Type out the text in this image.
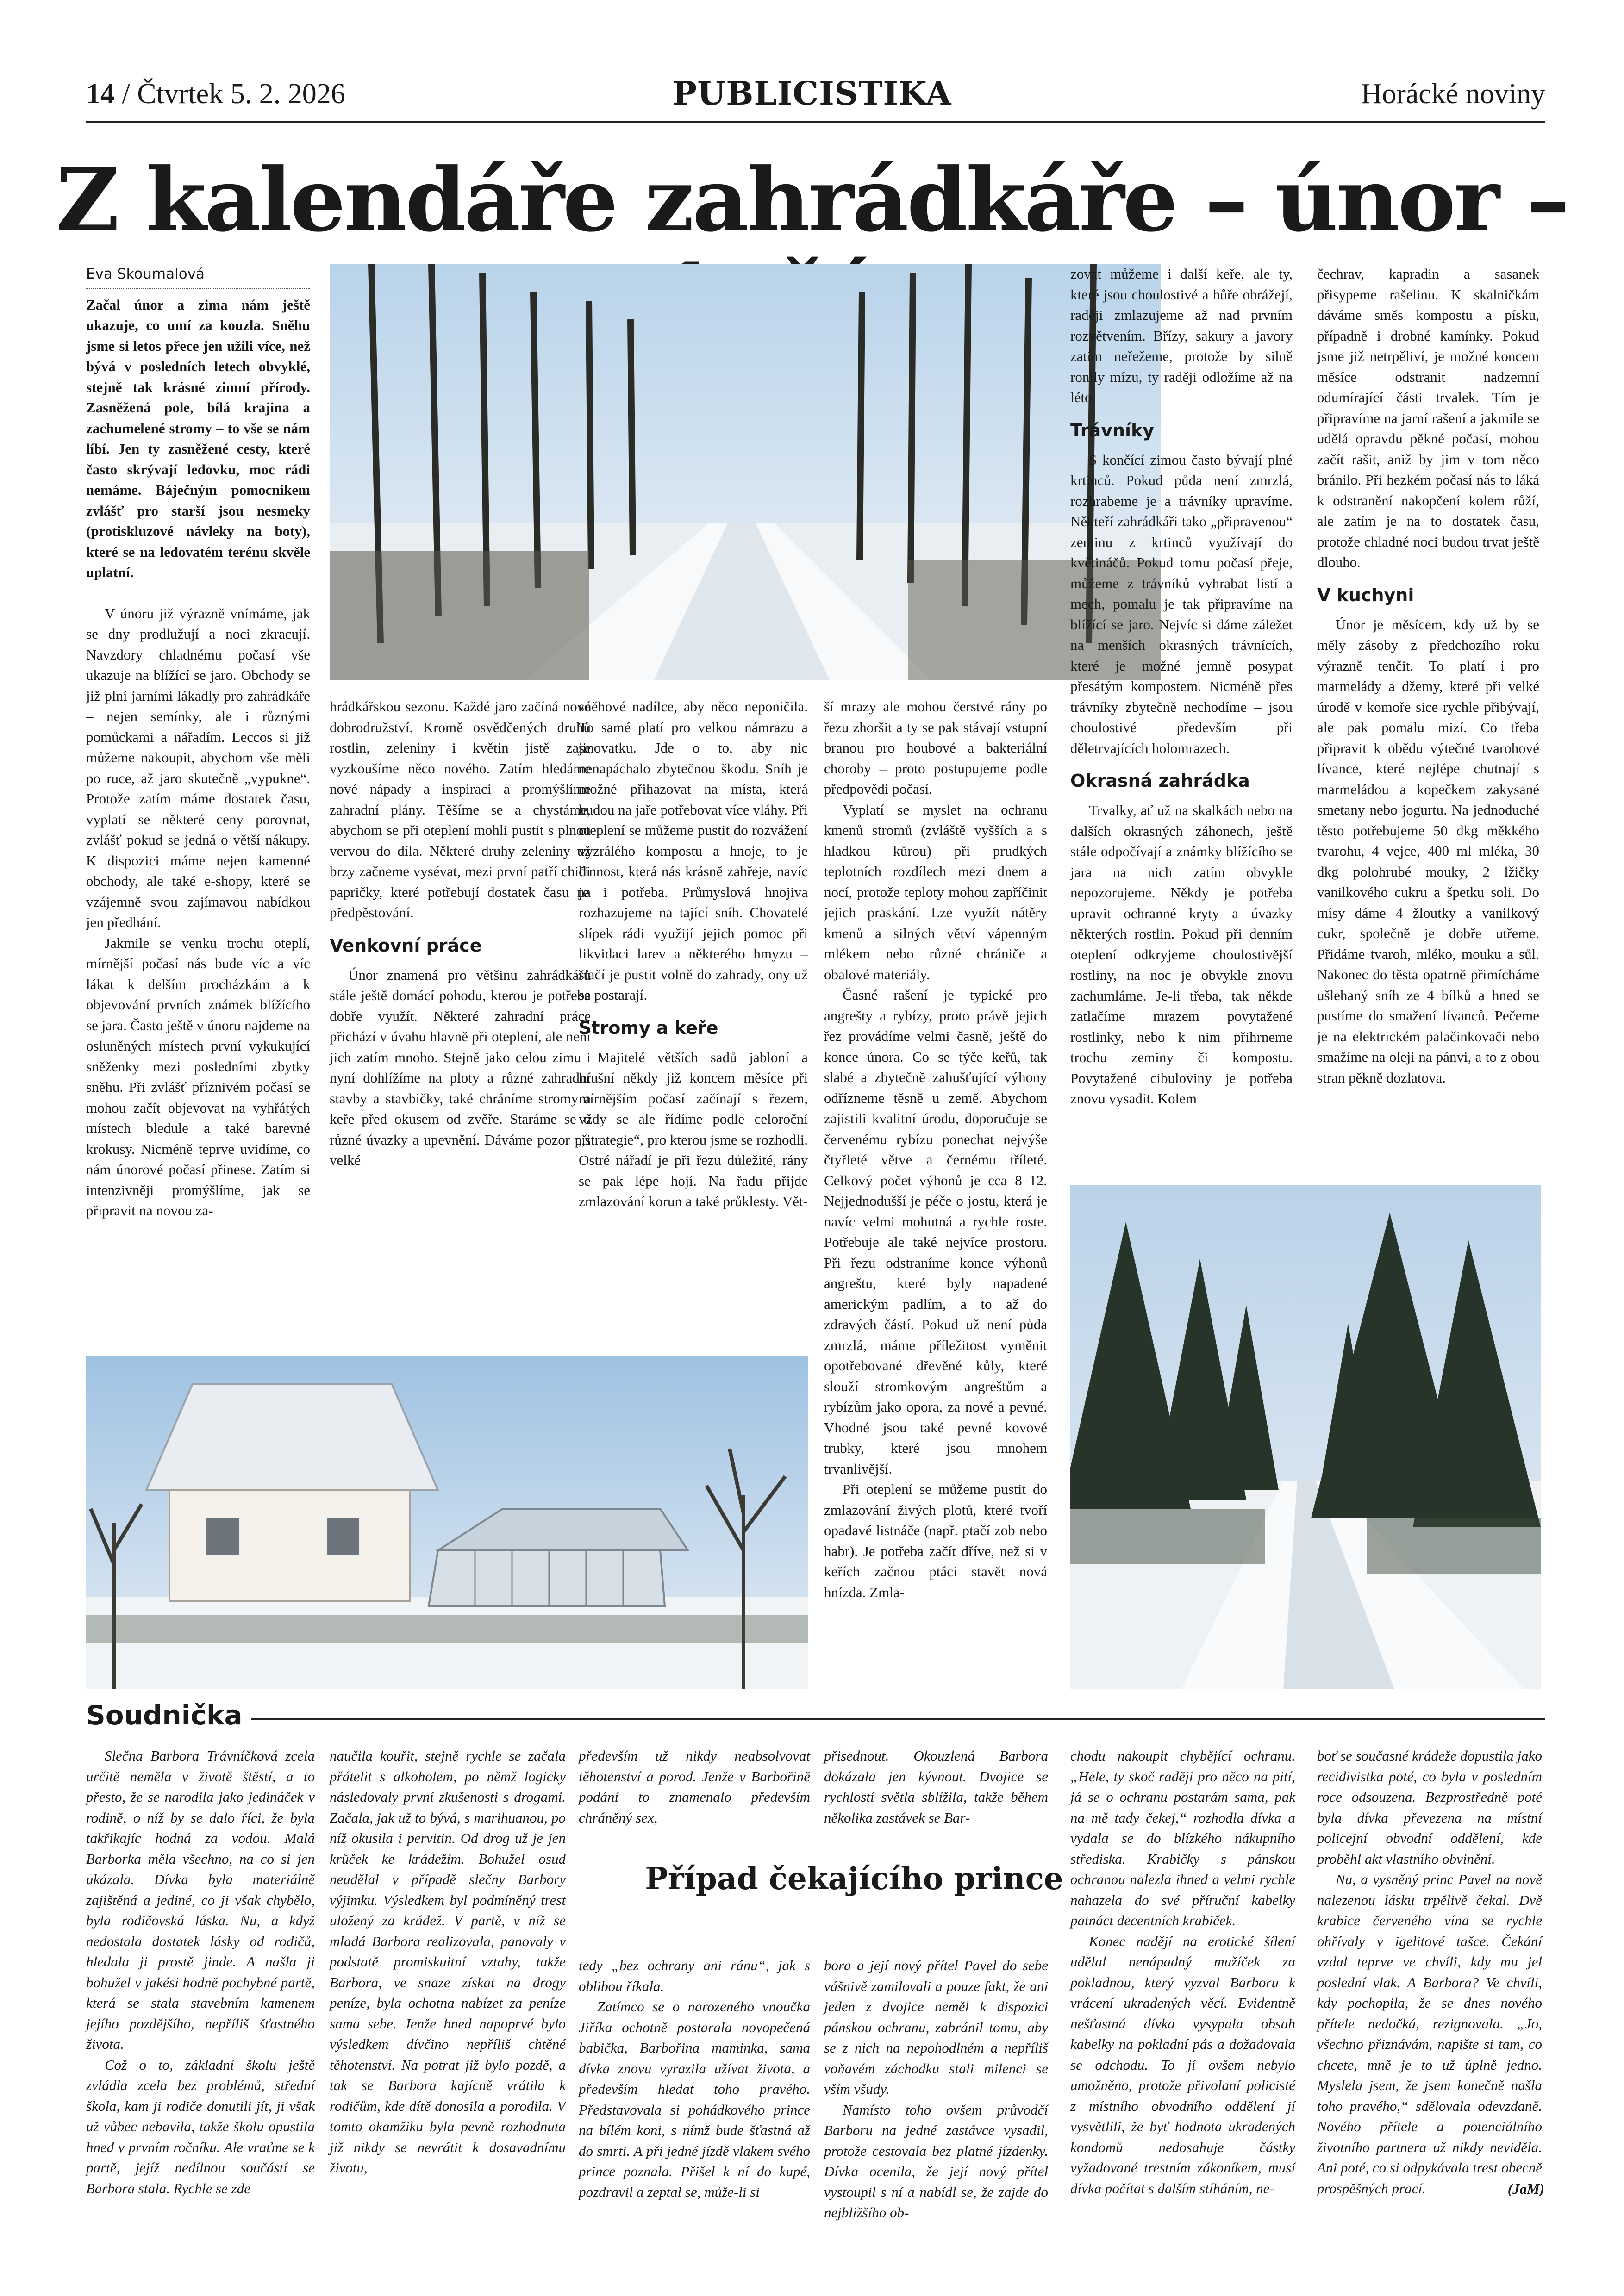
14 / Čtvrtek 5. 2. 2026	PUBLICISTIKA	Horácké noviny
Z kalendáře zahrádkáře – únor –
Eva Skoumalová

Začal únor a zima nám ještě ukazuje, co umí za kouzla. Sněhu jsme si letos přece jen užili více, než bývá v posledních letech obvyklé, stejně tak krásné zimní přírody. Zasněžená pole, bílá krajina a zachumelené stromy – to vše se nám líbí. Jen ty zasněžené cesty, které často skrývají ledovku, moc rádi nemáme. Báječným pomocníkem zvlášť pro starší jsou nesmeky (protiskluzové návleky na boty), které se na ledovatém terénu skvěle uplatní.

V únoru již výrazně vnímáme, jak se dny prodlužují a noci zkracují. Navzdory chladnému počasí vše ukazuje na blížící se jaro. Obchody se již plní jarními lákadly pro zahrádkáře – nejen semínky, ale i různými pomůckami a nářadím. Leccos si již můžeme nakoupit, abychom vše měli po ruce, až jaro skutečně „vypukne“. Protože zatím máme dostatek času, vyplatí se některé ceny porovnat, zvlášť pokud se jedná o větší nákupy. K dispozici máme nejen kamenné obchody, ale také e-shopy, které se vzájemně svou zajímavou nabídkou jen předhání.

Jakmile se venku trochu oteplí, mírnější počasí nás bude víc a víc lákat k delším procházkám a k objevování prvních známek blížícího se jara. Často ještě v únoru najdeme na osluněných místech první vykukující sněženky mezi posledními zbytky sněhu. Při zvlášť příznivém počasí se mohou začít objevovat na vyhřátých místech bledule a také barevné krokusy. Nicméně teprve uvidíme, co nám únorové počasí přinese. Zatím si intenzivněji promýšlíme, jak se připravit na novou za-

hrádkářskou sezonu. Každé jaro začíná nové dobrodružství. Kromě osvědčených druhů rostlin, zeleniny i květin jistě zase vyzkoušíme něco nového. Zatím hledáme nové nápady a inspiraci a promýšlíme zahradní plány. Těšíme se a chystáme, abychom se při oteplení mohli pustit s plnou vervou do díla. Některé druhy zeleniny už brzy začneme vysévat, mezi první patří chilli papričky, které potřebují dostatek času na předpěstování.

Venkovní práce

Únor znamená pro většinu zahrádkářů stále ještě domácí pohodu, kterou je potřeba dobře využít. Některé zahradní práce přichází v úvahu hlavně při oteplení, ale není jich zatím mnoho. Stejně jako celou zimu i nyní dohlížíme na ploty a různé zahradní stavby a stavbičky, také chráníme stromy a keře před okusem od zvěře. Staráme se o různé úvazky a upevnění. Dáváme pozor při velké

sněhové nadílce, aby něco neponičila. To samé platí pro velkou námrazu a jinovatku. Jde o to, aby nic nenapáchalo zbytečnou škodu. Sníh je možné přihazovat na místa, která budou na jaře potřebovat více vláhy. Při oteplení se můžeme pustit do rozvážení vyzrálého kompostu a hnoje, to je činnost, která nás krásně zahřeje, navíc je i potřeba. Průmyslová hnojiva rozhazujeme na tající sníh. Chovatelé slípek rádi využijí jejich pomoc při likvidaci larev a některého hmyzu – stačí je pustit volně do zahrady, ony už se postarají.

Stromy a keře

Majitelé větších sadů jabloní a hrušní někdy již koncem měsíce při mírnějším počasí začínají s řezem, vždy se ale řídíme podle celoroční „strategie“, pro kterou jsme se rozhodli. Ostré nářadí je při řezu důležité, rány se pak lépe hojí. Na řadu přijde zmlazování korun a také průklesty. Vět-

ší mrazy ale mohou čerstvé rány po řezu zhoršit a ty se pak stávají vstupní branou pro houbové a bakteriální choroby – proto postupujeme podle předpovědi počasí.

Vyplatí se myslet na ochranu kmenů stromů (zvláště vyšších a s hladkou kůrou) při prudkých teplotních rozdílech mezi dnem a nocí, protože teploty mohou zapříčinit jejich praskání. Lze využít nátěry kmenů a silných větví vápenným mlékem nebo různé chráničе a obalové materiály.

Časné rašení je typické pro angrešty a rybízy, proto právě jejich řez provádíme velmi časně, ještě do konce února. Co se týče keřů, tak slabé a zbytečně zahušťující výhony odřízneme těsně u země. Abychom zajistili kvalitní úrodu, doporučuje se červenému rybízu ponechat nejvýše čtyřleté větve a černému tříleté. Celkový počet výhonů je cca 8–12. Nejjednodušší je péče o jostu, která je navíc velmi mohutná a rychle roste. Potřebuje ale také nejvíce prostoru. Při řezu odstraníme konce výhonů angreštu, které byly napadené americkým padlím, a to až do zdravých částí. Pokud už není půda zmrzlá, máme příležitost vyměnit opotřebované dřevěné kůly, které slouží stromkovým angreštům a rybízům jako opora, za nové a pevné. Vhodné jsou také pevné kovové trubky, které jsou mnohem trvanlivější.

Při oteplení se můžeme pustit do zmlazování živých plotů, které tvoří opadavé listnáče (např. ptačí zob nebo habr). Je potřeba začít dříve, než si v keřích začnou ptáci stavět nová hnízda. Zmla-

zovat můžeme i další keře, ale ty, které jsou choulostivé a hůře obrážejí, raději zmlazujeme až nad prvním rozvětvením. Břízy, sakury a javory zatím neřežeme, protože by silně ronily mízu, ty raději odložíme až na léto.

Trávníky

S končící zimou často bývají plné krtinců. Pokud půda není zmrzlá, rozhrabeme je a trávníky upravíme. Někteří zahrádkáři tako „připravenou“ zeminu z krtinců využívají do květináčů. Pokud tomu počasí přeje, můžeme z trávníků vyhrabat listí a mech, pomalu je tak připravíme na blížící se jaro. Nejvíc si dáme záležet na menších okrasných trávnících, které je možné jemně posypat přesátým kompostem. Nicméně přes trávníky zbytečně nechodíme – jsou choulostivé především při děletrvajících holomrazech.

Okrasná zahrádka

Trvalky, ať už na skalkách nebo na dalších okrasných záhonech, ještě stále odpočívají a známky blížícího se jara na nich zatím obvykle nepozorujeme. Někdy je potřeba upravit ochranné kryty a úvazky některých rostlin. Pokud při denním oteplení odkryjeme choulostivější rostliny, na noc je obvykle znovu zachumláme. Je-li třeba, tak někde zatlačíme mrazem povytažené rostlinky, nebo k nim přihrneme trochu zeminy či kompostu. Povytažené cibuloviny je potřeba znovu vysadit. Kolem

čechrav, kapradin a sasanek přisypeme rašelinu. K skalničkám dáváme směs kompostu a písku, případně i drobné kamínky. Pokud jsme již netrpěliví, je možné koncem měsíce odstranit nadzemní odumírající části trvalek. Tím je připravíme na jarní rašení a jakmile se udělá opravdu pěkné počasí, mohou začít rašit, aniž by jim v tom něco bránilo. Při hezkém počasí nás to láká k odstranění nakopčení kolem růží, ale zatím je na to dostatek času, protože chladné noci budou trvat ještě dlouho.

V kuchyni

Únor je měsícem, kdy už by se měly zásoby z předchozího roku výrazně tenčit. To platí i pro marmelády a džemy, které při velké úrodě v komoře sice rychle přibývají, ale pak pomalu mizí. Co třeba připravit k obědu výtečné tvarohové lívance, které nejlépe chutnají s marmeládou a kopečkem zakysané smetany nebo jogurtu. Na jednoduché těsto potřebujeme 50 dkg měkkého tvarohu, 4 vejce, 400 ml mléka, 30 dkg polohrubé mouky, 2 lžičky vanilkového cukru a špetku soli. Do mísy dáme 4 žloutky a vanilkový cukr, společně je dobře utřeme. Přidáme tvaroh, mléko, mouku a sůl. Nakonec do těsta opatrně přimícháme ušlehaný sníh ze 4 bílků a hned se pustíme do smažení lívanců. Pečeme je na elektrickém palačinkovači nebo smažíme na oleji na pánvi, a to z obou stran pěkně dozlatova.

Soudnička

Slečna Barbora Trávníčková zcela určitě neměla v životě štěstí, a to přesto, že se narodila jako jedináček v rodině, o níž by se dalo říci, že byla takřikajíc hodná za vodou. Malá Barborka měla všechno, na co si jen ukázala. Dívka byla materiálně zajištěná a jediné, co ji však chybělo, byla rodičovská láska. Nu, a když nedostala dostatek lásky od rodičů, hledala ji prostě jinde. A našla ji bohužel v jakési hodně pochybné partě, která se stala stavebním kamenem jejího pozdějšího, nepříliš šťastného života.

Což o to, základní školu ještě zvládla zcela bez problémů, střední škola, kam ji rodiče donutili jít, ji však už vůbec nebavila, takže školu opustila hned v prvním ročníku. Ale vraťme se k partě, jejíž nedílnou součástí se Barbora stala. Rychle se zde

naučila kouřit, stejně rychle se začala přátelit s alkoholem, po němž logicky následovaly první zkušenosti s drogami. Začala, jak už to bývá, s marihuanou, po níž okusila i pervitin. Od drog už je jen krůček ke krádežím. Bohužel osud neudělal v případě slečny Barbory výjimku. Výsledkem byl podmíněný trest uložený za krádež. V partě, v níž se mladá Barbora realizovala, panovaly v podstatě promiskuitní vztahy, takže Barbora, ve snaze získat na drogy peníze, byla ochotna nabízet za peníze sama sebe. Jenže hned napoprvé bylo výsledkem dívčino nepříliš chtěné těhotenství. Na potrat již bylo pozdě, a tak se Barbora kajícně vrátila k rodičům, kde dítě donosila a porodila. V tomto okamžiku byla pevně rozhodnuta již nikdy se nevrátit k dosavadnímu životu,

především už nikdy neabsolvovat těhotenství a porod. Jenže v Barbořině podání to znamenalo především chráněný sex,

přisednout. Okouzlená Barbora dokázala jen kývnout. Dvojice se rychlostí světla sblížila, takže během několika zastávek se Bar-

Případ čekajícího prince

tedy „bez ochrany ani ránu“, jak s oblibou říkala.

Zatímco se o narozeného vnoučka Jiříka ochotně postarala novopečená babička, Barbořina maminka, sama dívka znovu vyrazila užívat života, a především hledat toho pravého. Představovala si pohádkového prince na bílém koni, s nímž bude šťastná až do smrti. A při jedné jízdě vlakem svého prince poznala. Přišel k ní do kupé, pozdravil a zeptal se, může-li si

bora a její nový přítel Pavel do sebe vášnivě zamilovali a pouze fakt, že ani jeden z dvojice neměl k dispozici pánskou ochranu, zabránil tomu, aby se z nich na nepohodlném a nepříliš voňavém záchodku stali milenci se vším všudy.

Namísto toho ovšem průvodčí Barboru na jedné zastávce vysadil, protože cestovala bez platné jízdenky. Dívka ocenila, že její nový přítel vystoupil s ní a nabídl se, že zajde do nejbližšího ob-

chodu nakoupit chybějící ochranu. „Hele, ty skoč raději pro něco na pití, já se o ochranu postarám sama, pak na mě tady čekej,“ rozhodla dívka a vydala se do blízkého nákupního střediska. Krabičky s pánskou ochranou nalezla ihned a velmi rychle nahazela do své příruční kabelky patnáct decentních krabiček.

Konec nadějí na erotické šílení udělal nenápadný mužíček za pokladnou, který vyzval Barboru k vrácení ukradených věcí. Evidentně nešťastná dívka vysypala obsah kabelky na pokladní pás a dožadovala se odchodu. To jí ovšem nebylo umožněno, protože přivolaní policisté z místního obvodního oddělení jí vysvětlili, že byť hodnota ukradených kondomů nedosahuje částky vyžadované trestním zákoníkem, musí dívka počítat s dalším stíháním, ne-

boť se současné krádeže dopustila jako recidivistka poté, co byla v posledním roce odsouzena. Bezprostředně poté byla dívka převezena na místní policejní obvodní oddělení, kde proběhl akt vlastního obvinění.

Nu, a vysněný princ Pavel na nově nalezenou lásku trpělivě čekal. Dvě krabice červeného vína se rychle ohřívaly v igelitové tašce. Čekání vzdal teprve ve chvíli, kdy mu jel poslední vlak. A Barbora? Ve chvíli, kdy pochopila, že se dnes nového přítele nedočká, rezignovala. „Jo, všechno přiznávám, napište si tam, co chcete, mně je to už úplně jedno. Myslela jsem, že jsem konečně našla toho pravého,“ sdělovala odevzdaně. Nového přítele a potenciálního životního partnera už nikdy neviděla. Ani poté, co si odpykávala trest obecně prospěšných prací.	(JaM)
